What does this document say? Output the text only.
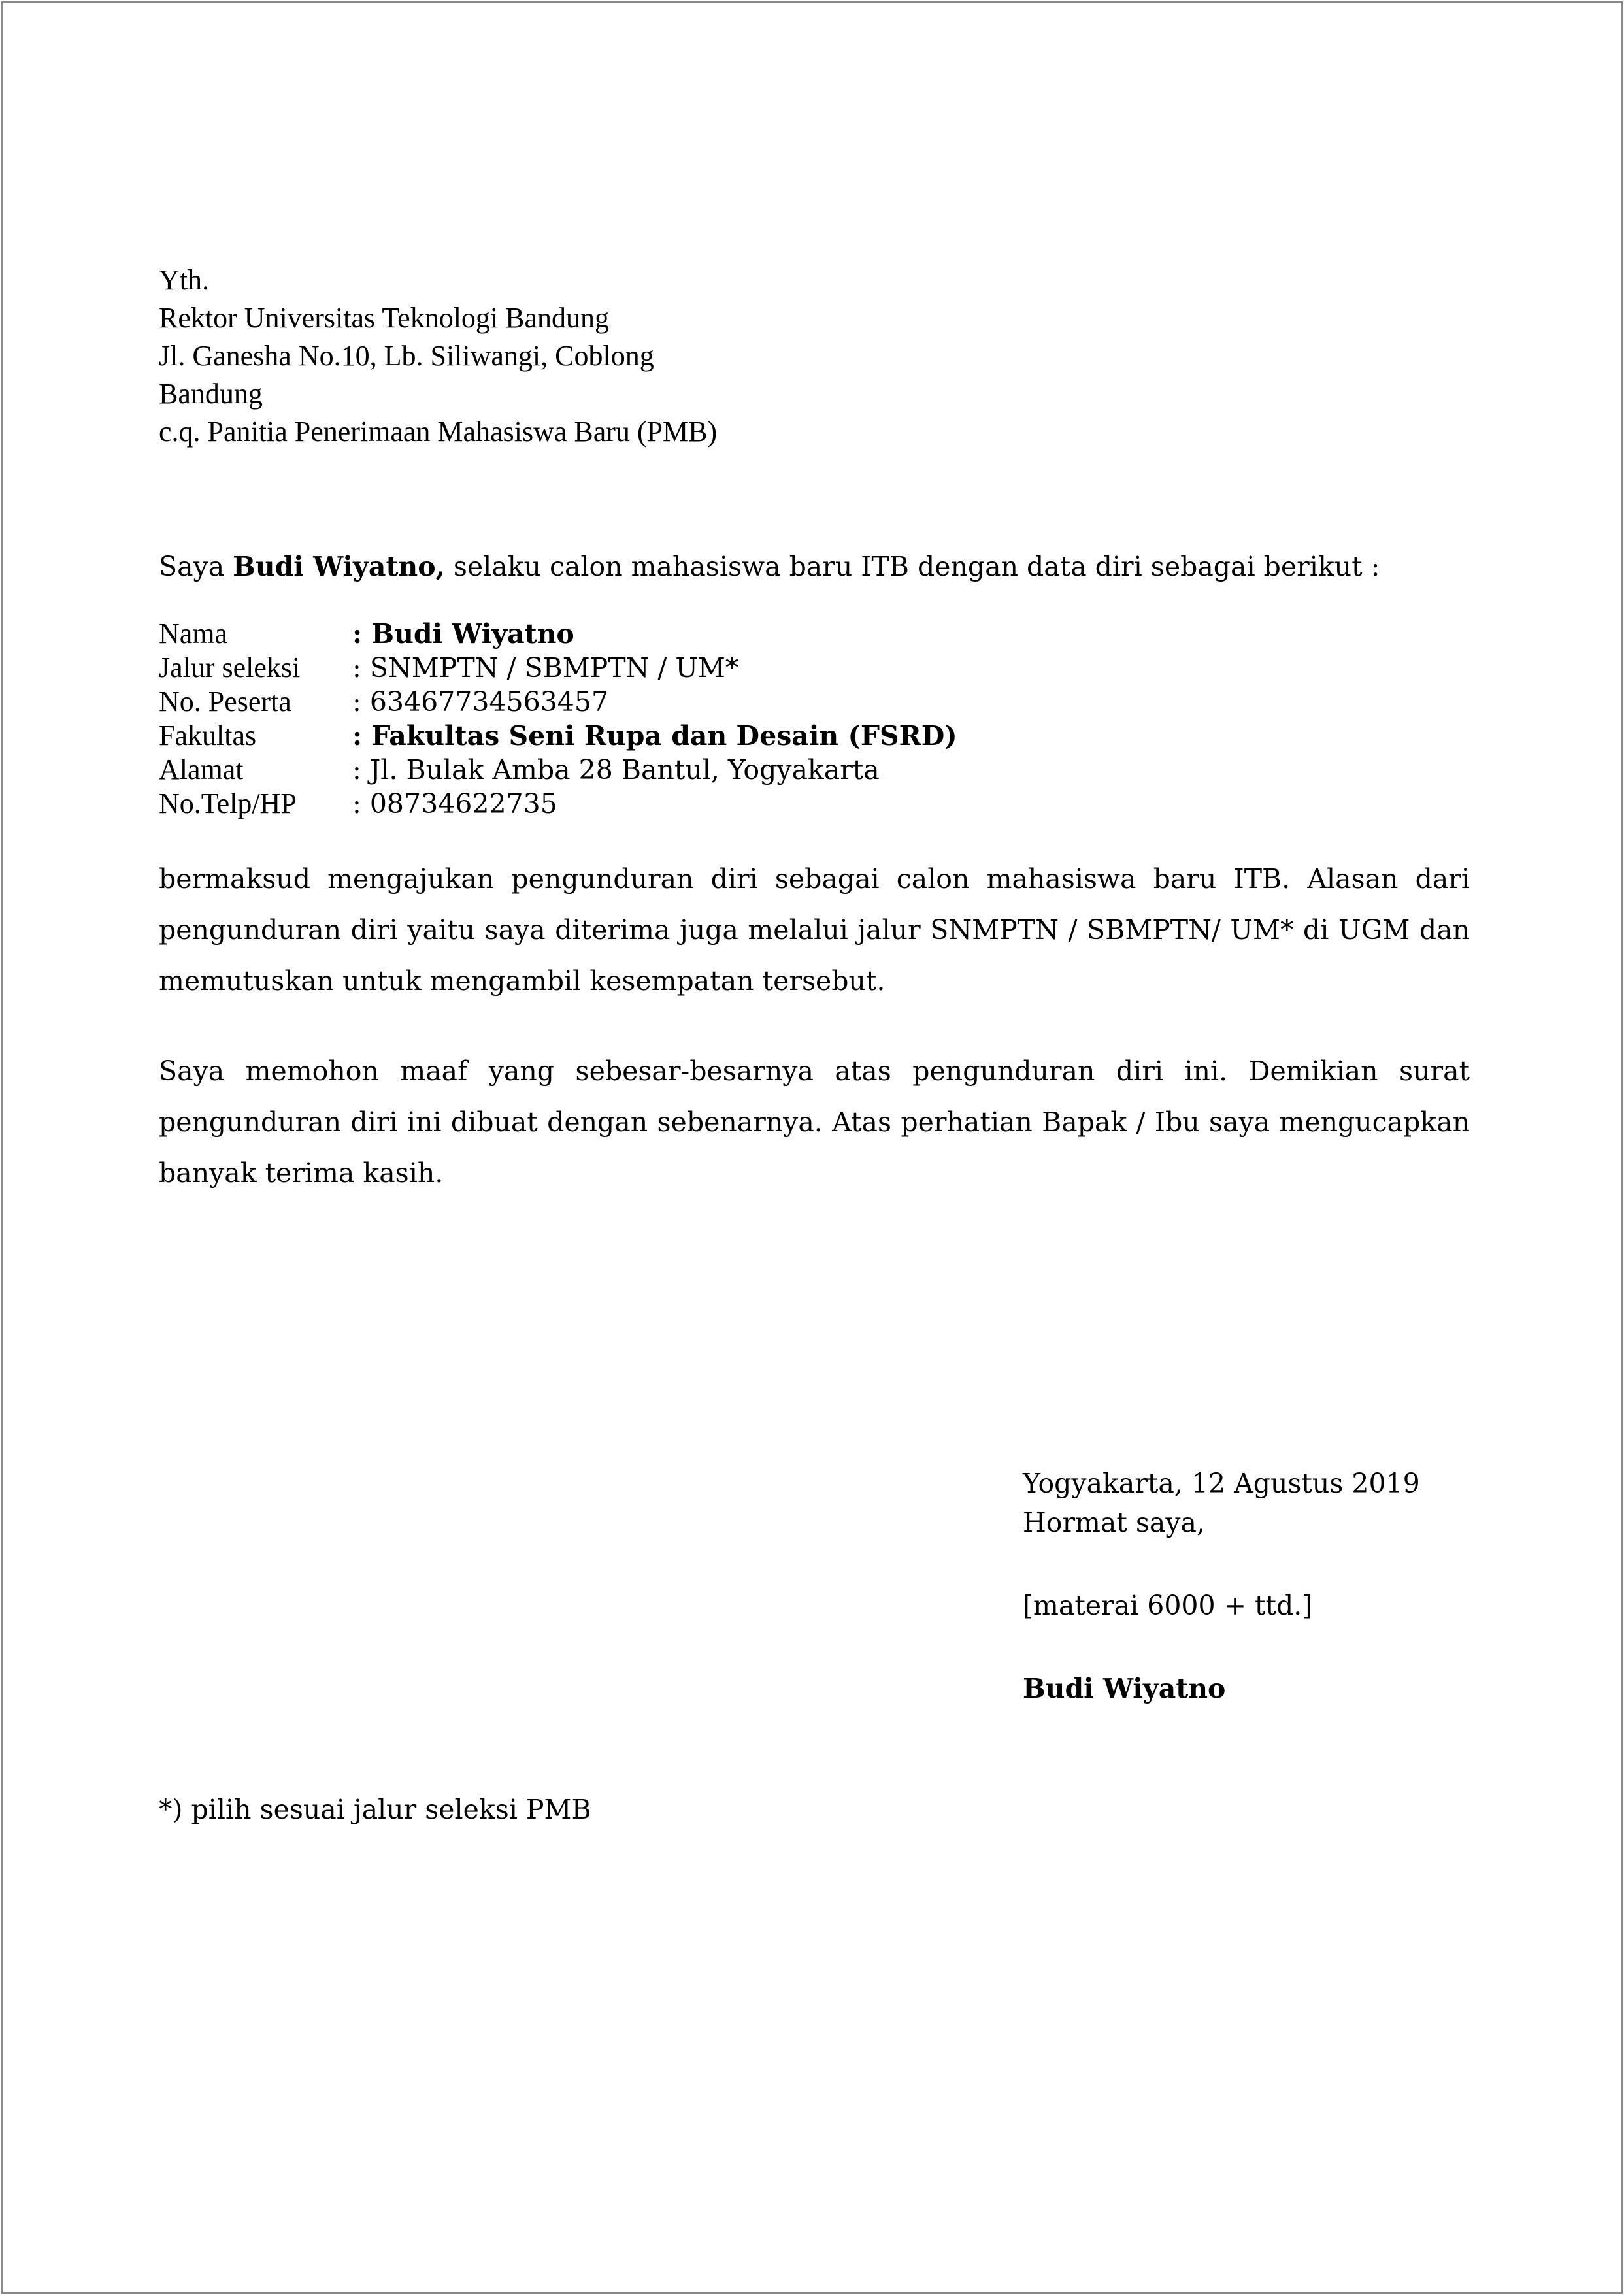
Yth.
Rektor Universitas Teknologi Bandung
Jl. Ganesha No.10, Lb. Siliwangi, Coblong
Bandung
c.q. Panitia Penerimaan Mahasiswa Baru (PMB)
Saya Budi Wiyatno, selaku calon mahasiswa baru ITB dengan data diri sebagai berikut :
Nama	: Budi Wiyatno
Jalur seleksi	: SNMPTN / SBMPTN / UM*
No. Peserta	: 63467734563457
Fakultas	: Fakultas Seni Rupa dan Desain (FSRD)
Alamat	: Jl. Bulak Amba 28 Bantul, Yogyakarta
No.Telp/HP	: 08734622735
bermaksud mengajukan pengunduran diri sebagai calon mahasiswa baru ITB. Alasan dari pengunduran diri yaitu saya diterima juga melalui jalur SNMPTN / SBMPTN/ UM* di UGM dan memutuskan untuk mengambil kesempatan tersebut.
Saya memohon maaf yang sebesar-besarnya atas pengunduran diri ini. Demikian surat pengunduran diri ini dibuat dengan sebenarnya. Atas perhatian Bapak / Ibu saya mengucapkan banyak terima kasih.
Yogyakarta, 12 Agustus 2019
Hormat saya,
[materai 6000 + ttd.]
Budi Wiyatno
*) pilih sesuai jalur seleksi PMB
